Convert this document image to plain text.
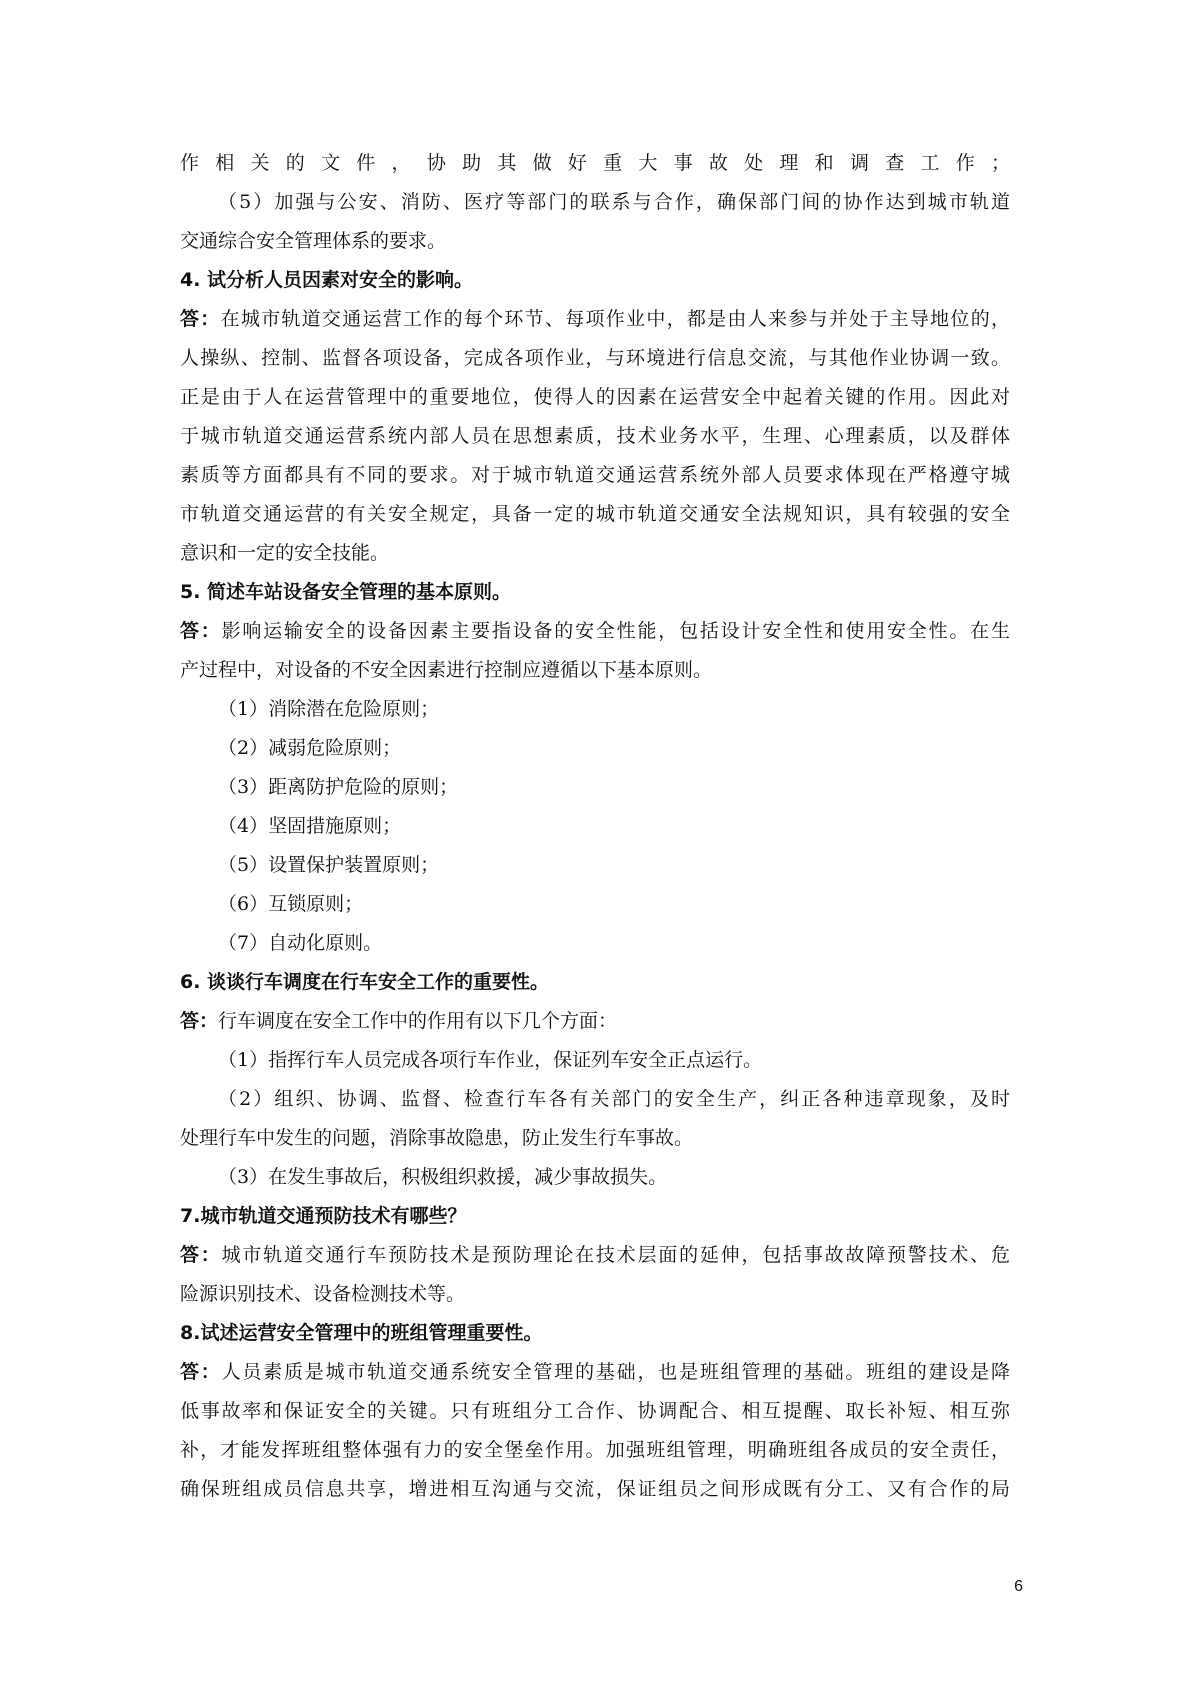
作相关的文件，协助其做好重大事故处理和调查工作；
（5）加强与公安、消防、医疗等部门的联系与合作，确保部门间的协作达到城市轨道
交通综合安全管理体系的要求。
4. 试分析人员因素对安全的影响。
答：在城市轨道交通运营工作的每个环节、每项作业中，都是由人来参与并处于主导地位的，
人操纵、控制、监督各项设备，完成各项作业，与环境进行信息交流，与其他作业协调一致。
正是由于人在运营管理中的重要地位，使得人的因素在运营安全中起着关键的作用。因此对
于城市轨道交通运营系统内部人员在思想素质，技术业务水平，生理、心理素质，以及群体
素质等方面都具有不同的要求。对于城市轨道交通运营系统外部人员要求体现在严格遵守城
市轨道交通运营的有关安全规定，具备一定的城市轨道交通安全法规知识，具有较强的安全
意识和一定的安全技能。
5. 简述车站设备安全管理的基本原则。
答：影响运输安全的设备因素主要指设备的安全性能，包括设计安全性和使用安全性。在生
产过程中，对设备的不安全因素进行控制应遵循以下基本原则。
（1）消除潜在危险原则；
（2）减弱危险原则；
（3）距离防护危险的原则；
（4）坚固措施原则；
（5）设置保护装置原则；
（6）互锁原则；
（7）自动化原则。
6. 谈谈行车调度在行车安全工作的重要性。
答：行车调度在安全工作中的作用有以下几个方面：
（1）指挥行车人员完成各项行车作业，保证列车安全正点运行。
（2）组织、协调、监督、检查行车各有关部门的安全生产，纠正各种违章现象，及时
处理行车中发生的问题，消除事故隐患，防止发生行车事故。
（3）在发生事故后，积极组织救援，减少事故损失。
7.城市轨道交通预防技术有哪些？
答：城市轨道交通行车预防技术是预防理论在技术层面的延伸，包括事故故障预警技术、危
险源识别技术、设备检测技术等。
8.试述运营安全管理中的班组管理重要性。
答：人员素质是城市轨道交通系统安全管理的基础，也是班组管理的基础。班组的建设是降
低事故率和保证安全的关键。只有班组分工合作、协调配合、相互提醒、取长补短、相互弥
补，才能发挥班组整体强有力的安全堡垒作用。加强班组管理，明确班组各成员的安全责任，
确保班组成员信息共享，增进相互沟通与交流，保证组员之间形成既有分工、又有合作的局
6
